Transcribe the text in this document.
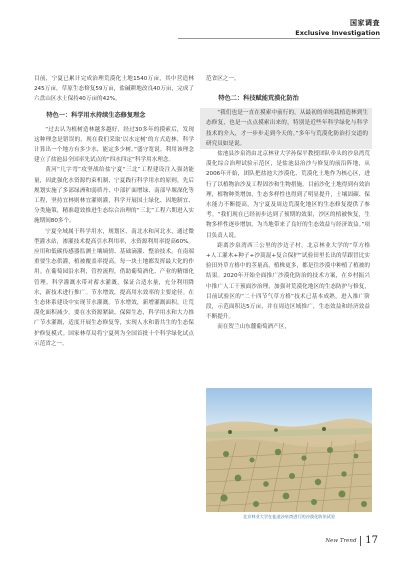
国家调查
Exclusive Investigation

目前，宁夏已累计完成治理荒漠化土地1540万亩，其中营造林245万亩，草原生态修复59万亩，盐碱耕地改良40万亩，完成了六盘山区水土保持40万亩的42%。

特色一：科学用水持续生态修复理念

“过去认为植树造林越多越好，经过30多年的摸索后，发现这种理念是错误的，现在我们采取‘以水定树’的方式造林，科学计算出一个地方有多少水，能定多少树。”盛守宽说。利用该理念建立了盐池县全国率先试点的“四水四定”科学用水理念。

黄河“几字弯”攻坚战给盐宁夏“三北”工程建设注入强劲能量，因此强化水资源约束机制，宁夏践行科学用水的原则，先后规划实施了多部绿洲和弱质丹、中部扩面增绿、南部旱塬深化等工程，坚持宜林则林宜灌则灌，科学开展国土绿化、因地制宜、分类施策，精准超效推进生态综合治理的“三北”工程六期进入实施期间80多个。

宁夏全域属于科学用水，规划区、南北水和河北水，通过微型灌水站，渗灌技术提高引水利用率，水资源利用率提高60%。应用和低碳传感器监测土壤墒情、基础滴灌、整治技术。在南端重要生态供灌，植被覆盖率提高，每一块土地都发挥最大化的作用。在葡萄园沿水利，管控流程，借助葡萄酒化、产业的精细化管理。科学灌溉水带对蓄水灌溉，保证合适水量，充分利用降水，新技术进行推广。节水增效，提高用水效率的主要途径。在生态体系建设中实现节水灌溉。节水增效，新增灌溉面积，让荒漠化面积减少。要在水资源紧缺、保障生态，科学用水和大力推广节水灌溉，适度开展生态修复等，实现人水和谐共生的生态保护修复模式。国家林草局将宁夏列为全国首批十个科学绿化试点示范省之一。

范省区之一。

特色二：科技赋能荒漠化防治

“我们也是一直在摸索中前行的，从最初的单纯栽植造林到生态修复，也是一点点摸索出来的，特别是近些年科学绿化与科学技术的介入，才一步步走到今天的。”多年与荒漠化防治打交道的研究员如是说。

盐池县沙泉湾由北京林业大学孙保平教授团队牵头的沙泉湾荒漠化综合治理试验示范区，是盐池县治沙与修复的前沿阵地，从2006年开始，团队把盐池大沙漠化、荒漠化土地作为核心区，进行了以植物治沙及工程固沙和生物措施，目前沙化土地得到有效治理，植物种类增加，生态多样性也得到了明显提升，土壤固碳、保水能力不断提高，为宁夏及周边荒漠化地区的生态修复提供了参考。“我们现在已经初步达到了预期的效果，沙区的植被恢复，生物多样性逐步增加，为当地带来了良好的生态效益与经济效益。”项目负责人说。

距离沙泉湾西三公里的沙边子村，北京林业大学的“草方格+人工灌木+种子+沙蒿混+复合保护”试验田里长出的草跟冒比实验田外草方格中的茎量高，植株更多，都是往沙漠中种植了植被的结果。2020年开始全面推广沙漠化防治的技术方案，在乡村振兴中推广人工干预面沙治理，加强对荒漠化地区的生态防护与修复，目前试验区的“二十四节气草方格”技术已基本成熟，进入推广阶段，示范面积达5万亩，并在周边区域推广，生态效益和经济效益不断提升。

而在贺兰山东麓葡萄酒产区，

北京林业大学在盐池沙泉湾进行的沙漠化防治试验
New Trend 17
